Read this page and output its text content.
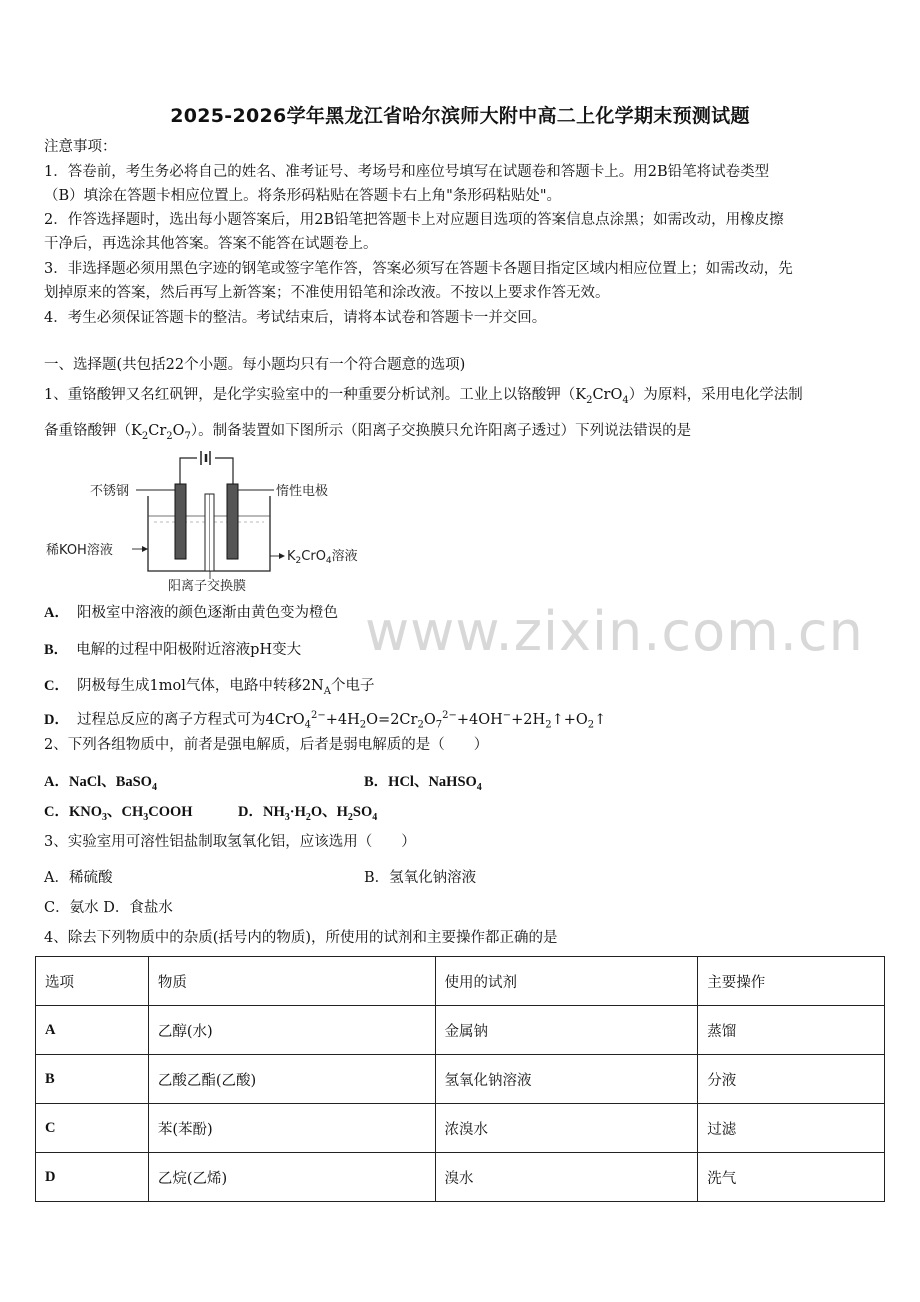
2025-2026学年黑龙江省哈尔滨师大附中高二上化学期末预测试题
注意事项：
1．答卷前，考生务必将自己的姓名、准考证号、考场号和座位号填写在试题卷和答题卡上。用2B铅笔将试卷类型
（B）填涂在答题卡相应位置上。将条形码粘贴在答题卡右上角"条形码粘贴处"。
2．作答选择题时，选出每小题答案后，用2B铅笔把答题卡上对应题目选项的答案信息点涂黑；如需改动，用橡皮擦
干净后，再选涂其他答案。答案不能答在试题卷上。
3．非选择题必须用黑色字迹的钢笔或签字笔作答，答案必须写在答题卡各题目指定区域内相应位置上；如需改动，先
划掉原来的答案，然后再写上新答案；不准使用铅笔和涂改液。不按以上要求作答无效。
4．考生必须保证答题卡的整洁。考试结束后，请将本试卷和答题卡一并交回。
一、选择题(共包括22个小题。每小题均只有一个符合题意的选项)
1、重铬酸钾又名红矾钾，是化学实验室中的一种重要分析试剂。工业上以铬酸钾$(K_2CrO_4)$为原料，采用电化学法制
备重铬酸钾$(K_2Cr_2O_7)$。制备装置如下图所示（阳离子交换膜只允许阳离子透过）下列说法错误的是
不锈钢	惰性电极
稀KOH溶液	$K_2CrO_4$溶液
阳离子交换膜
A． 阳极室中溶液的颜色逐渐由黄色变为橙色
B． 电解的过程中阳极附近溶液pH变大
C． 阴极每生成1mol气体，电路中转移$2N_A$个电子
D． 过程总反应的离子方程式可为$4CrO_4^{2-}+4H_2O=2Cr_2O_7^{2-}+4OH^-+2H_2↑+O_2↑$
2、下列各组物质中，前者是强电解质，后者是弱电解质的是（　　）
A．NaCl、BaSO$_4$	B．HCl、NaHSO$_4$
C．$KNO_3$、$CH_3COOH$	D．$NH_3\cdot H_2O$、$H_2SO_4$
3、实验室用可溶性铝盐制取氢氧化铝，应该选用（　　）
A．稀硫酸	B．氢氧化钠溶液
C．氨水 D．食盐水
4、除去下列物质中的杂质(括号内的物质)，所使用的试剂和主要操作都正确的是
选项	物质	使用的试剂	主要操作
A	乙醇(水)	金属钠	蒸馏
B	乙酸乙酯(乙酸)	氢氧化钠溶液	分液
C	苯(苯酚)	浓溴水	过滤
D	乙烷(乙烯)	溴水	洗气
www.zixin.com.cn
